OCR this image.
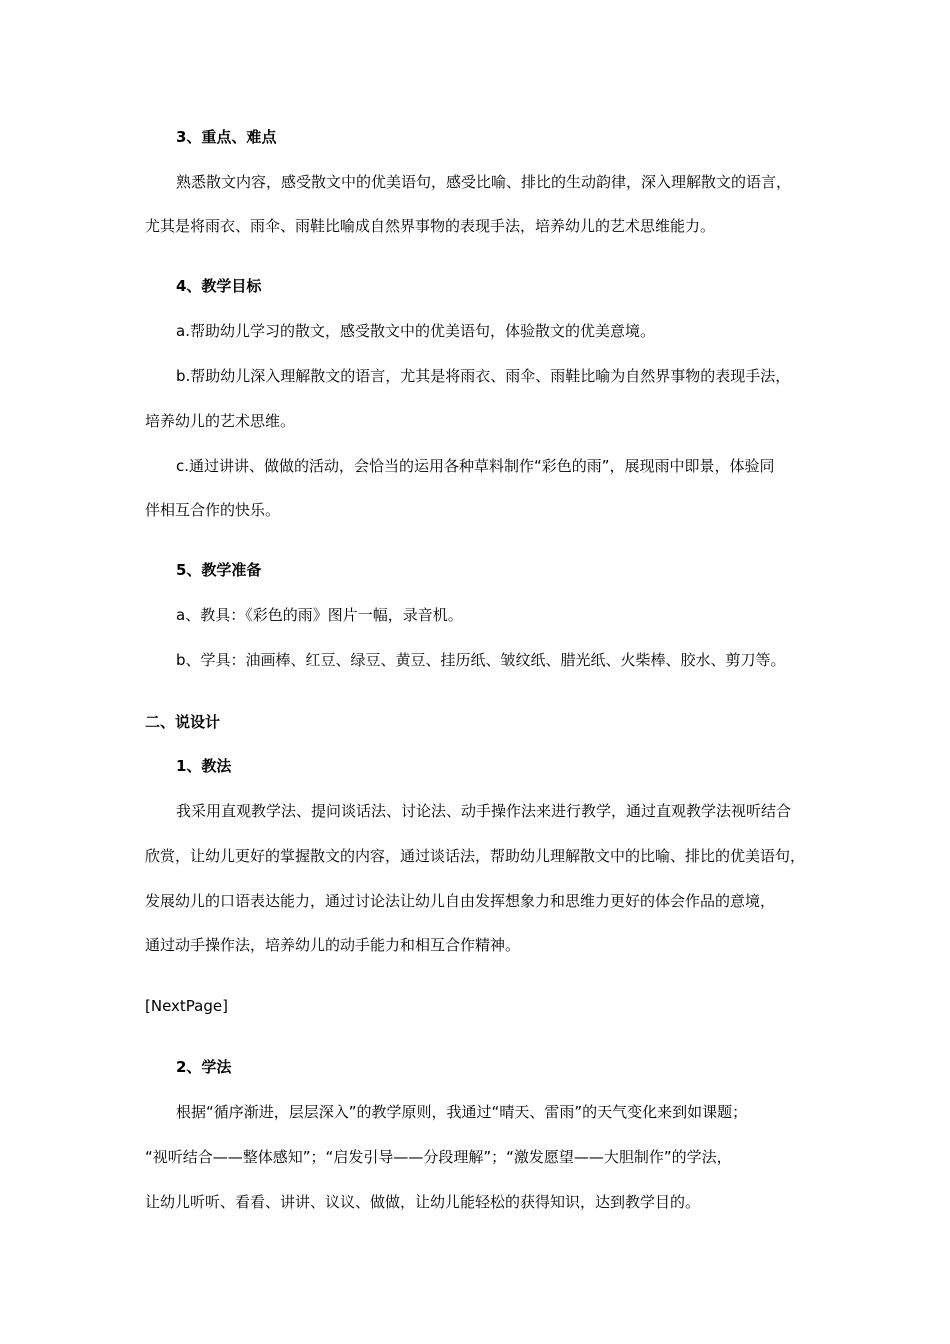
3、重点、难点
熟悉散文内容，感受散文中的优美语句，感受比喻、排比的生动韵律，深入理解散文的语言，
尤其是将雨衣、雨伞、雨鞋比喻成自然界事物的表现手法，培养幼儿的艺术思维能力。
4、教学目标
a.帮助幼儿学习的散文，感受散文中的优美语句，体验散文的优美意境。
b.帮助幼儿深入理解散文的语言，尤其是将雨衣、雨伞、雨鞋比喻为自然界事物的表现手法，
培养幼儿的艺术思维。
c.通过讲讲、做做的活动，会恰当的运用各种草料制作“彩色的雨”，展现雨中即景，体验同
伴相互合作的快乐。
5、教学准备
a、教具：《彩色的雨》图片一幅，录音机。
b、学具：油画棒、红豆、绿豆、黄豆、挂历纸、皱纹纸、腊光纸、火柴棒、胶水、剪刀等。
二、说设计
1、教法
我采用直观教学法、提问谈话法、讨论法、动手操作法来进行教学，通过直观教学法视听结合
欣赏，让幼儿更好的掌握散文的内容，通过谈话法，帮助幼儿理解散文中的比喻、排比的优美语句，
发展幼儿的口语表达能力，通过讨论法让幼儿自由发挥想象力和思维力更好的体会作品的意境，
通过动手操作法，培养幼儿的动手能力和相互合作精神。
[NextPage]
2、学法
根据“循序渐进，层层深入”的教学原则，我通过“晴天、雷雨”的天气变化来到如课题；
“视听结合——整体感知”；“启发引导——分段理解”；“激发愿望——大胆制作”的学法，
让幼儿听听、看看、讲讲、议议、做做，让幼儿能轻松的获得知识，达到教学目的。
